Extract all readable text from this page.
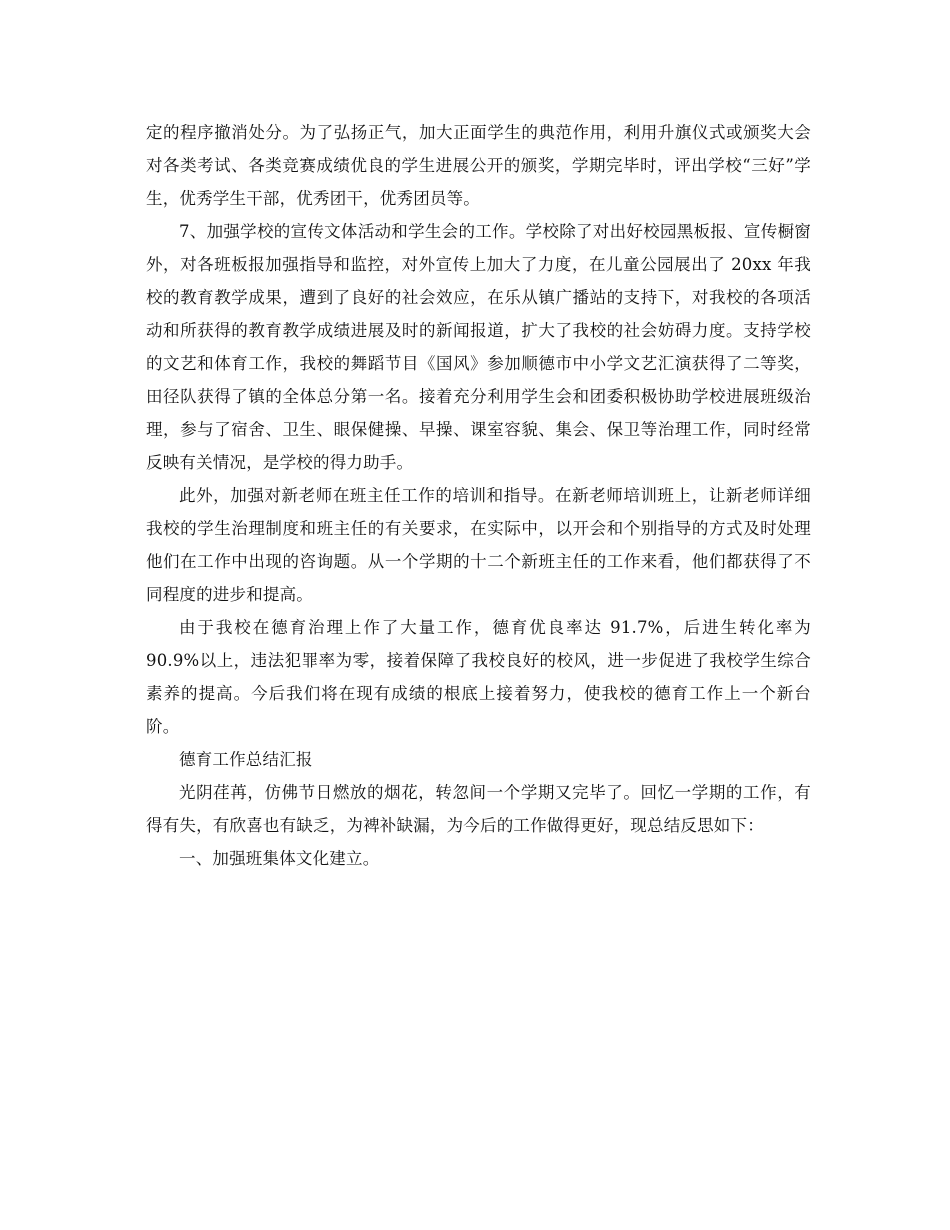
定的程序撤消处分。为了弘扬正气，加大正面学生的典范作用，利用升旗仪式或颁奖大会对各类考试、各类竞赛成绩优良的学生进展公开的颁奖，学期完毕时，评出学校“三好”学生，优秀学生干部，优秀团干，优秀团员等。

7、加强学校的宣传文体活动和学生会的工作。学校除了对出好校园黑板报、宣传橱窗外，对各班板报加强指导和监控，对外宣传上加大了力度，在儿童公园展出了 20xx 年我校的教育教学成果，遭到了良好的社会效应，在乐从镇广播站的支持下，对我校的各项活动和所获得的教育教学成绩进展及时的新闻报道，扩大了我校的社会妨碍力度。支持学校的文艺和体育工作，我校的舞蹈节目《国风》参加顺德市中小学文艺汇演获得了二等奖，田径队获得了镇的全体总分第一名。接着充分利用学生会和团委积极协助学校进展班级治理，参与了宿舍、卫生、眼保健操、早操、课室容貌、集会、保卫等治理工作，同时经常反映有关情况，是学校的得力助手。

此外，加强对新老师在班主任工作的培训和指导。在新老师培训班上，让新老师详细我校的学生治理制度和班主任的有关要求，在实际中，以开会和个别指导的方式及时处理他们在工作中出现的咨询题。从一个学期的十二个新班主任的工作来看，他们都获得了不同程度的进步和提高。

由于我校在德育治理上作了大量工作，德育优良率达 91.7%，后进生转化率为 90.9%以上，违法犯罪率为零，接着保障了我校良好的校风，进一步促进了我校学生综合素养的提高。今后我们将在现有成绩的根底上接着努力，使我校的德育工作上一个新台阶。

德育工作总结汇报

光阴荏苒，仿佛节日燃放的烟花，转忽间一个学期又完毕了。回忆一学期的工作，有得有失，有欣喜也有缺乏，为裨补缺漏，为今后的工作做得更好，现总结反思如下：

一、加强班集体文化建立。
